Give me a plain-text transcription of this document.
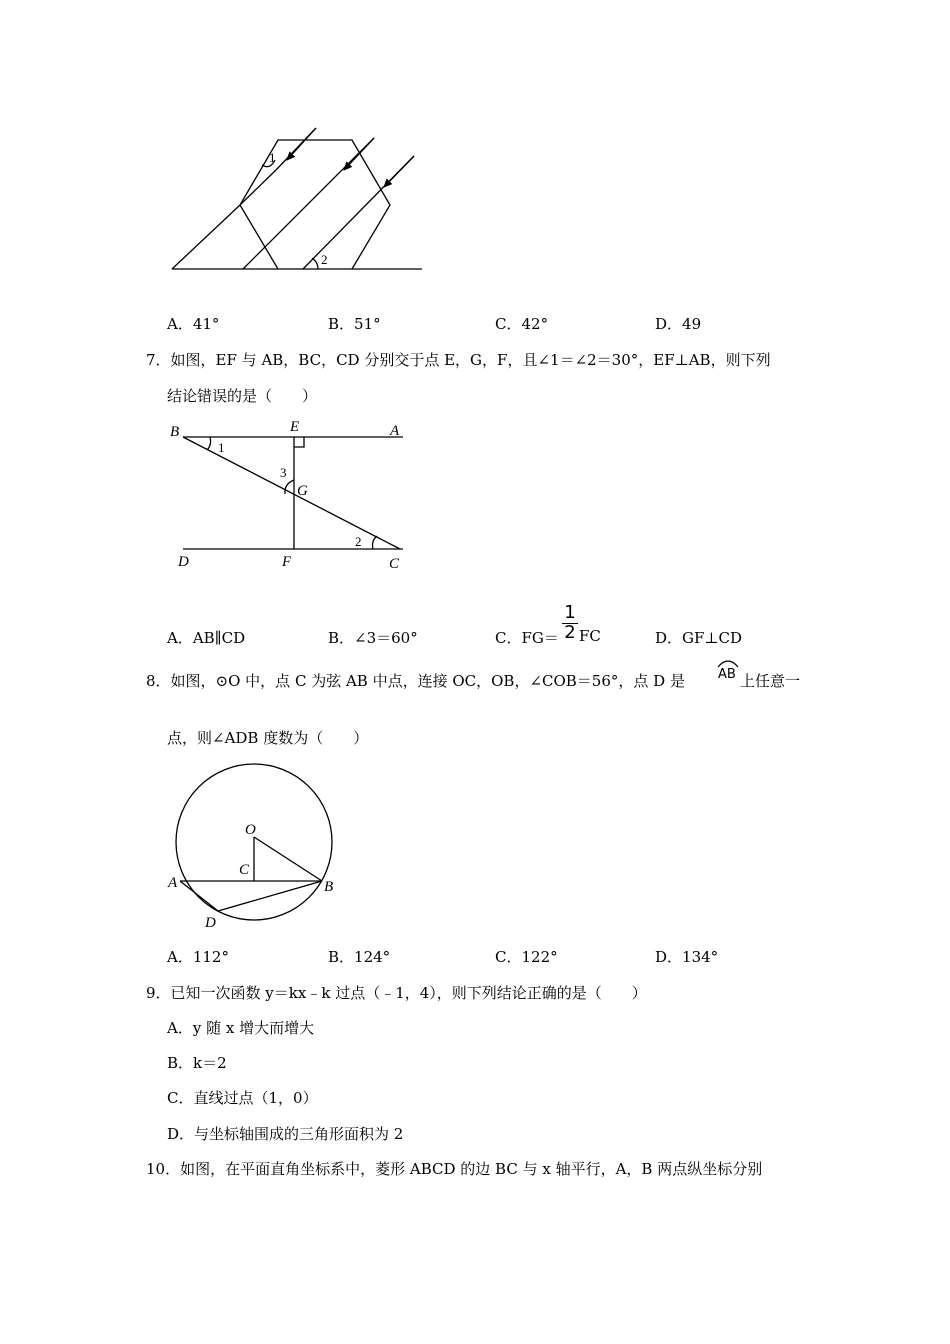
1
2
A．41°	B．51°	C．42°	D．49
7．如图，EF 与 AB，BC，CD 分别交于点 E，G，F，且∠1＝∠2＝30°，EF⊥AB，则下列
结论错误的是（　　）
B	E	A
1
3
G
D	F
2
C
A．AB∥CD	B．∠3＝60°	C．FG＝
1
2 FC	D．GF⊥CD
8．如图，⊙O 中，点 C 为弦 AB 中点，连接 OC，OB，∠COB＝56°，点 D 是	AB 上任意一
点，则∠ADB 度数为（　　）
O
C
A	B
D
A．112°	B．124°	C．122°	D．134°
9．已知一次函数 y＝kx﹣k 过点（﹣1，4），则下列结论正确的是（　　）
A．y 随 x 增大而增大
B．k＝2
C．直线过点（1，0）
D．与坐标轴围成的三角形面积为 2
10．如图，在平面直角坐标系中，菱形 ABCD 的边 BC 与 x 轴平行，A，B 两点纵坐标分别
